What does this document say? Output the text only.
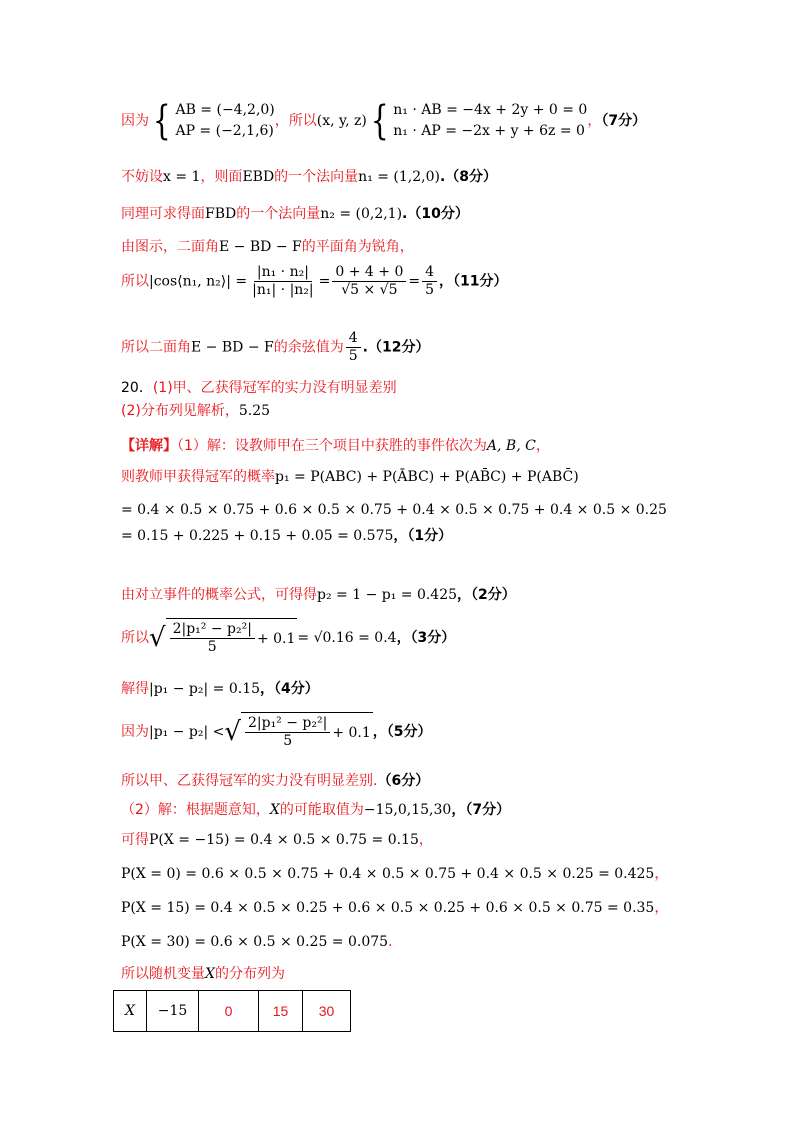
因为 { AB = (−4,2,0)
AP = (−2,1,6)
，所以(x, y, z) { n₁ · AB = −4x + 2y + 0 = 0
n₁ · AP = −2x + y + 6z = 0
，（7分）
不妨设x = 1，则面EBD的一个法向量n₁ = (1,2,0).（8分）
同理可求得面FBD的一个法向量n₂ = (0,2,1).（10分）
由图示，二面角E − BD − F的平面角为锐角，
所以|cos⟨n₁, n₂⟩| = $\frac{\text{|n₁ · n₂|}}{\text{|n₁| · |n₂|}} = \frac{0 + 4 + 0}{√5 \times √5} = \frac{4}{5}$ ，（11分）
所以二面角E − BD − F的余弦值为 $\frac{4}{5} .(12$分）
20．(1)甲、乙获得冠军的实力没有明显差别
(2)分布列见解析，5.25
【详解】（1）解：设教师甲在三个项目中获胜的事件依次为A, B, C，
则教师甲获得冠军的概率p₁ = P(ABC) + P(ĀBC) + P(AB̄C) + P(ABC̄)
= 0.4 × 0.5 × 0.75 + 0.6 × 0.5 × 0.75 + 0.4 × 0.5 × 0.75 + 0.4 × 0.5 × 0.25
= 0.15 + 0.225 + 0.15 + 0.05 = 0.575，（1分）
由对立事件的概率公式，可得得p₂ = 1 − p₁ = 0.425，（2分）
所以 √ $\frac{\text{2|p₁² − p₂²|}}{5} + 0.1 = √0.16 = 0.4$，（3分）
解得|p₁ − p₂| = 0.15，（4分）
因为|p₁ − p₂| < √ $\frac{\text{2|p₁² − p₂²|}}{5} + 0.1$ ，（5分）
所以甲、乙获得冠军的实力没有明显差别.（6分）
（2）解：根据题意知，X的可能取值为−15,0,15,30，（7分）
可得P(X = −15) = 0.4 × 0.5 × 0.75 = 0.15，
P(X = 0) = 0.6 × 0.5 × 0.75 + 0.4 × 0.5 × 0.75 + 0.4 × 0.5 × 0.25 = 0.425，
P(X = 15) = 0.4 × 0.5 × 0.25 + 0.6 × 0.5 × 0.25 + 0.6 × 0.5 × 0.75 = 0.35，
P(X = 30) = 0.6 × 0.5 × 0.25 = 0.075.
所以随机变量X的分布列为
X	−15	0	15	30
